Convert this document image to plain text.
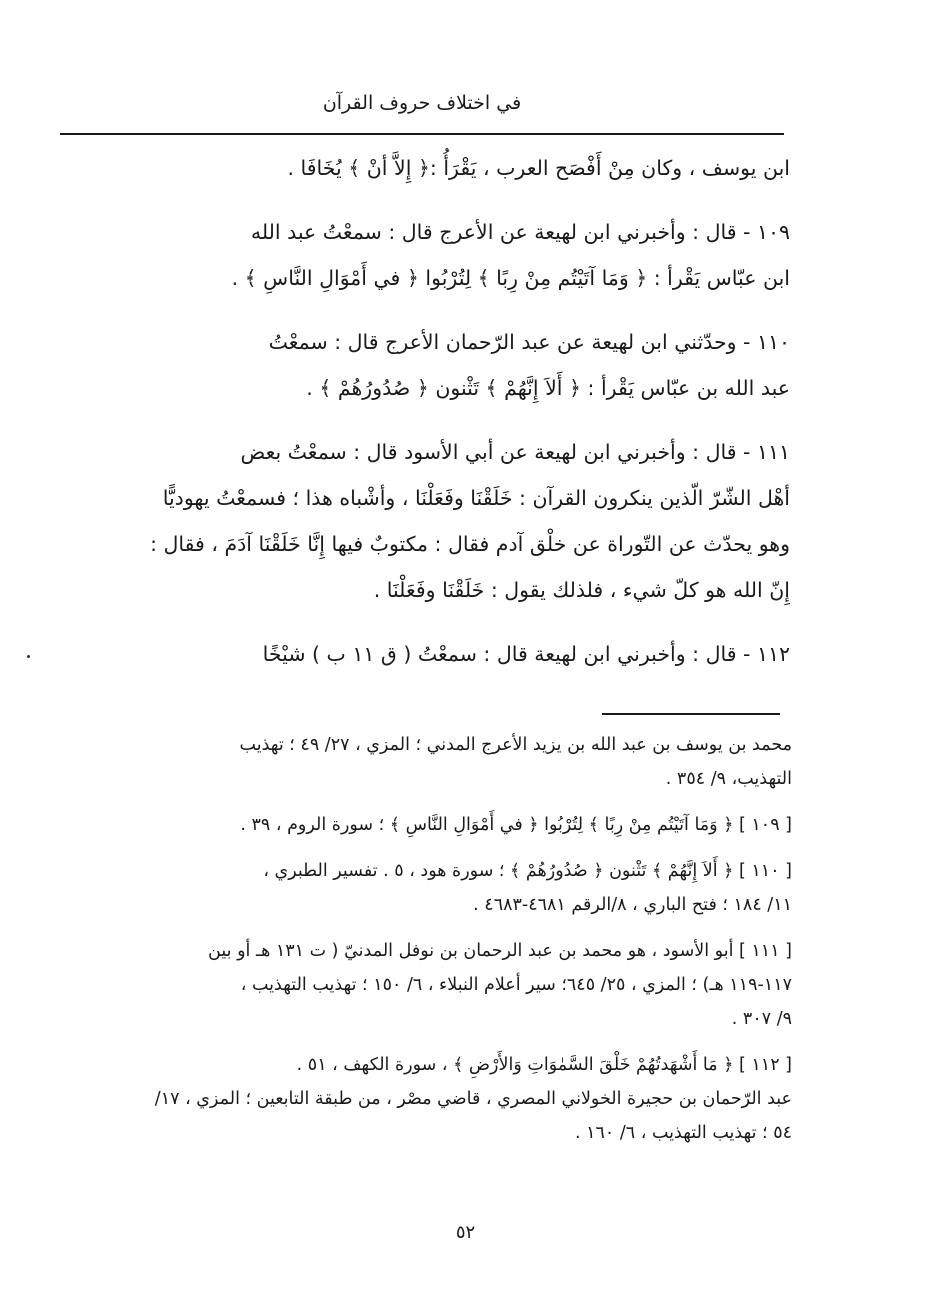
في اختلاف حروف القرآن

ابن يوسف ، وكان مِنْ أَفْصَح العرب ، يَقْرَأُ :﴿ إِلاَّ أنْ ﴾ يُخَافَا .

١٠٩ - قال : وأخبرني ابن لهيعة عن الأعرج قال : سمعْتُ عبد الله

ابن عبّاس يَقْرأ : ﴿ وَمَا آتَيْتُم مِنْ رِبًا ﴾ لِتُرْبُوا ﴿ في أَمْوَالِ النَّاسِ ﴾ .

١١٠ - وحدّثني ابن لهيعة عن عبد الرّحمان الأعرج قال : سمعْتُ

عبد الله بن عبّاس يَقْرأ : ﴿ أَلاَ إِنَّهُمْ ﴾ تَثْنون ﴿ صُدُورُهُمْ ﴾ .

١١١ - قال : وأخبرني ابن لهيعة عن أبي الأسود قال : سمعْتُ بعض

أهْل الشّرّ الّذين ينكرون القرآن : خَلَقْنَا وفَعَلْنَا ، وأشْباه هذا ؛ فسمعْتُ يهوديًّا

وهو يحدّث عن التّوراة عن خلْق آدم فقال : مكتوبٌ فيها إِنَّا خَلَقْنَا آدَمَ ، فقال :

إِنّ الله هو كلّ شيء ، فلذلك يقول : خَلَقْنَا وفَعَلْنَا .

١١٢ - قال : وأخبرني ابن لهيعة قال : سمعْتُ ( ق ١١ ب ) شيْخًا

محمد بن يوسف بن عبد الله بن يزيد الأعرج المدني ؛ المزي ، ٢٧/ ٤٩ ؛ تهذيب

التهذيب، ٩/ ٣٥٤ .

[ ١٠٩ ] ﴿ وَمَا آتَيْتُم مِنْ رِبًا ﴾ لِتُرْبُوا ﴿ في أَمْوَالِ النَّاسِ ﴾ ؛ سورة الروم ، ٣٩ .

[ ١١٠ ] ﴿ أَلاَ إِنَّهُمْ ﴾ تَثْنون ﴿ صُدُورُهُمْ ﴾ ؛ سورة هود ، ٥ . تفسير الطبري ،

١١/ ١٨٤ ؛ فتح الباري ، ٨/الرقم ٤٦٨١-٤٦٨٣ .

[ ١١١ ] أبو الأسود ، هو محمد بن عبد الرحمان بن نوفل المدنيّ ( ت ١٣١ هـ أو بين

١١٧-١١٩ هـ) ؛ المزي ، ٢٥/ ٦٤٥؛ سير أعلام النبلاء ، ٦/ ١٥٠ ؛ تهذيب التهذيب ،

٩/ ٣٠٧ .

[ ١١٢ ] ﴿ مَا أَشْهَدتُهُمْ خَلْقَ السَّمٰوَاتِ وَالأَرْضِ ﴾ ، سورة الكهف ، ٥١ .

عبد الرّحمان بن حجيرة الخولاني المصري ، قاضي مصْر ، من طبقة التابعين ؛ المزي ، ١٧/

٥٤ ؛ تهذيب التهذيب ، ٦/ ١٦٠ .

٥٢
